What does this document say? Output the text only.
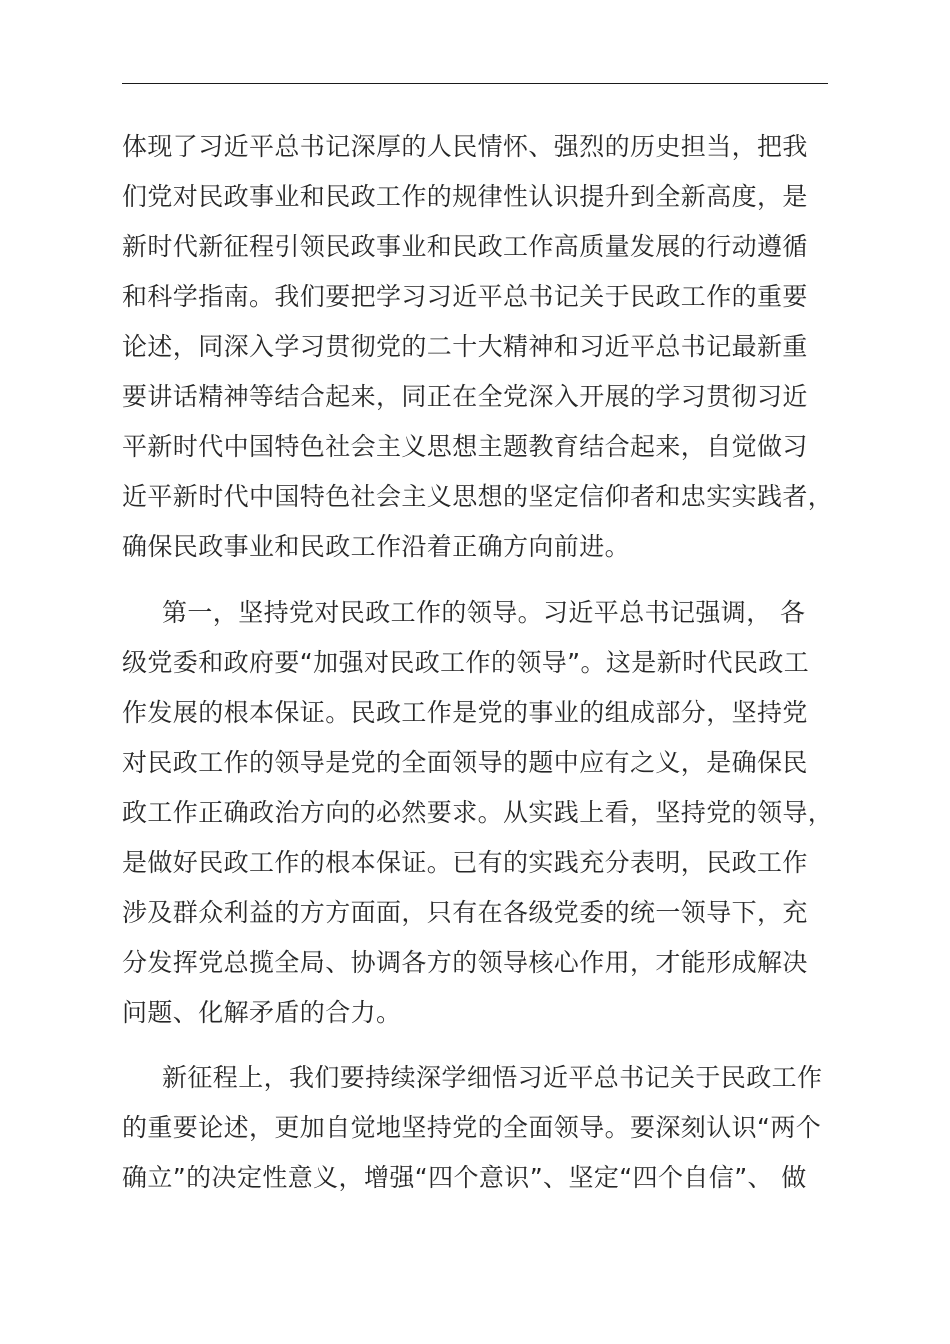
体现了习近平总书记深厚的人民情怀、强烈的历史担当，把我
们党对民政事业和民政工作的规律性认识提升到全新高度，是
新时代新征程引领民政事业和民政工作高质量发展的行动遵循
和科学指南。我们要把学习习近平总书记关于民政工作的重要
论述，同深入学习贯彻党的二十大精神和习近平总书记最新重
要讲话精神等结合起来，同正在全党深入开展的学习贯彻习近
平新时代中国特色社会主义思想主题教育结合起来，自觉做习
近平新时代中国特色社会主义思想的坚定信仰者和忠实实践者，
确保民政事业和民政工作沿着正确方向前进。
第一，坚持党对民政工作的领导。习近平总书记强调， 各
级党委和政府要“加强对民政工作的领导”。这是新时代民政工
作发展的根本保证。民政工作是党的事业的组成部分，坚持党
对民政工作的领导是党的全面领导的题中应有之义，是确保民
政工作正确政治方向的必然要求。从实践上看，坚持党的领导，
是做好民政工作的根本保证。已有的实践充分表明，民政工作
涉及群众利益的方方面面，只有在各级党委的统一领导下，充
分发挥党总揽全局、协调各方的领导核心作用，才能形成解决
问题、化解矛盾的合力。
新征程上，我们要持续深学细悟习近平总书记关于民政工作
的重要论述，更加自觉地坚持党的全面领导。要深刻认识“两个
确立”的决定性意义，增强“四个意识”、坚定“四个自信”、 做
